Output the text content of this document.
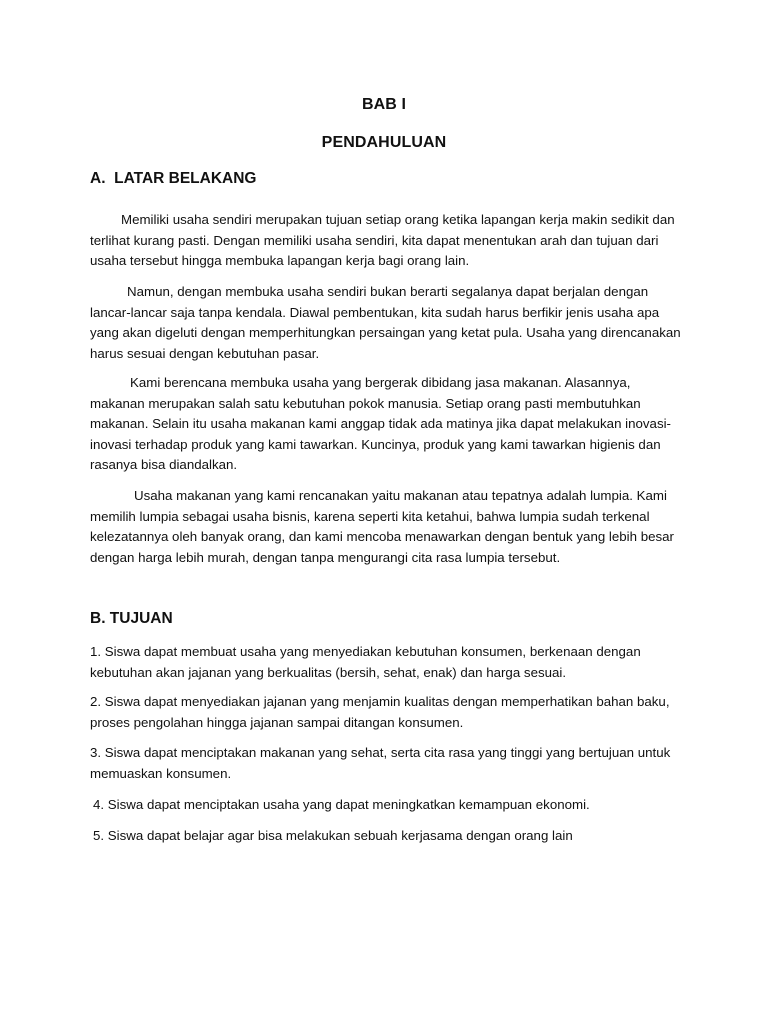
BAB I
PENDAHULUAN
A.  LATAR BELAKANG
Memiliki usaha sendiri merupakan tujuan setiap orang ketika lapangan kerja makin sedikit dan terlihat kurang pasti. Dengan memiliki usaha sendiri, kita dapat menentukan arah dan tujuan dari usaha tersebut hingga membuka lapangan kerja bagi orang lain.
Namun, dengan membuka usaha sendiri bukan berarti segalanya dapat berjalan dengan lancar-lancar saja tanpa kendala. Diawal pembentukan, kita sudah harus berfikir jenis usaha apa yang akan digeluti dengan memperhitungkan persaingan yang ketat pula. Usaha yang direncanakan harus sesuai dengan kebutuhan pasar.
Kami berencana membuka usaha yang bergerak dibidang jasa makanan. Alasannya, makanan merupakan salah satu kebutuhan pokok manusia. Setiap orang pasti membutuhkan makanan. Selain itu usaha makanan kami anggap tidak ada matinya jika dapat melakukan inovasi-inovasi terhadap produk yang kami tawarkan. Kuncinya, produk yang kami tawarkan higienis dan rasanya bisa diandalkan.
Usaha makanan yang kami rencanakan yaitu makanan atau tepatnya adalah lumpia. Kami memilih lumpia sebagai usaha bisnis, karena seperti kita ketahui, bahwa lumpia sudah terkenal kelezatannya oleh banyak orang, dan kami mencoba menawarkan dengan bentuk yang lebih besar dengan harga lebih murah, dengan tanpa mengurangi cita rasa lumpia tersebut.
B. TUJUAN
1. Siswa dapat membuat usaha yang menyediakan kebutuhan konsumen, berkenaan dengan kebutuhan akan jajanan yang berkualitas (bersih, sehat, enak) dan harga sesuai.
2. Siswa dapat menyediakan jajanan yang menjamin kualitas dengan memperhatikan bahan baku, proses pengolahan hingga jajanan sampai ditangan konsumen.
3. Siswa dapat menciptakan makanan yang sehat, serta cita rasa yang tinggi yang bertujuan untuk memuaskan konsumen.
4. Siswa dapat menciptakan usaha yang dapat meningkatkan kemampuan ekonomi.
5. Siswa dapat belajar agar bisa melakukan sebuah kerjasama dengan orang lain
